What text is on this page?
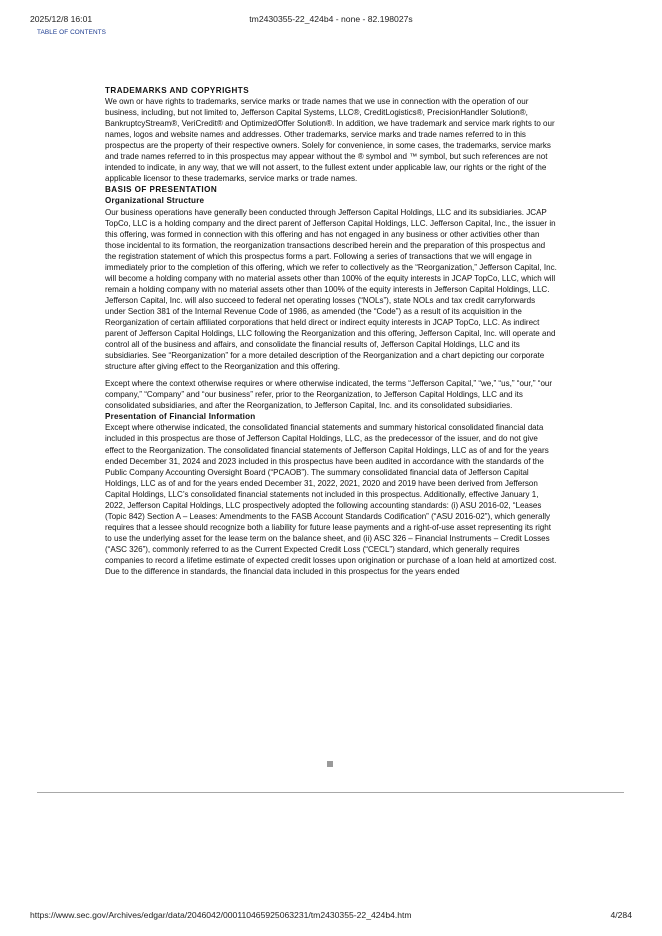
2025/12/8 16:01	tm2430355-22_424b4 - none - 82.198027s
TABLE OF CONTENTS

TRADEMARKS AND COPYRIGHTS

We own or have rights to trademarks, service marks or trade names that we use in connection with the operation of our business, including, but not limited to, Jefferson Capital Systems, LLC®, CreditLogistics®, PrecisionHandler Solution®, BankruptcyStream®, VeriCredit® and OptimizedOffer Solution®. In addition, we have trademark and service mark rights to our names, logos and website names and addresses. Other trademarks, service marks and trade names referred to in this prospectus are the property of their respective owners. Solely for convenience, in some cases, the trademarks, service marks and trade names referred to in this prospectus may appear without the ® symbol and ™ symbol, but such references are not intended to indicate, in any way, that we will not assert, to the fullest extent under applicable law, our rights or the right of the applicable licensor to these trademarks, service marks or trade names.

BASIS OF PRESENTATION

Organizational Structure

Our business operations have generally been conducted through Jefferson Capital Holdings, LLC and its subsidiaries. JCAP TopCo, LLC is a holding company and the direct parent of Jefferson Capital Holdings, LLC. Jefferson Capital, Inc., the issuer in this offering, was formed in connection with this offering and has not engaged in any business or other activities other than those incidental to its formation, the reorganization transactions described herein and the preparation of this prospectus and the registration statement of which this prospectus forms a part. Following a series of transactions that we will engage in immediately prior to the completion of this offering, which we refer to collectively as the “Reorganization,” Jefferson Capital, Inc. will become a holding company with no material assets other than 100% of the equity interests in JCAP TopCo, LLC, which will remain a holding company with no material assets other than 100% of the equity interests in Jefferson Capital Holdings, LLC. Jefferson Capital, Inc. will also succeed to federal net operating losses (“NOLs”), state NOLs and tax credit carryforwards under Section 381 of the Internal Revenue Code of 1986, as amended (the “Code”) as a result of its acquisition in the Reorganization of certain affiliated corporations that held direct or indirect equity interests in JCAP TopCo, LLC. As indirect parent of Jefferson Capital Holdings, LLC following the Reorganization and this offering, Jefferson Capital, Inc. will operate and control all of the business and affairs, and consolidate the financial results of, Jefferson Capital Holdings, LLC and its subsidiaries. See “Reorganization” for a more detailed description of the Reorganization and a chart depicting our corporate structure after giving effect to the Reorganization and this offering.

Except where the context otherwise requires or where otherwise indicated, the terms “Jefferson Capital,” “we,” “us,” “our,” “our company,” “Company” and “our business” refer, prior to the Reorganization, to Jefferson Capital Holdings, LLC and its consolidated subsidiaries, and after the Reorganization, to Jefferson Capital, Inc. and its consolidated subsidiaries.

Presentation of Financial Information

Except where otherwise indicated, the consolidated financial statements and summary historical consolidated financial data included in this prospectus are those of Jefferson Capital Holdings, LLC, as the predecessor of the issuer, and do not give effect to the Reorganization. The consolidated financial statements of Jefferson Capital Holdings, LLC as of and for the years ended December 31, 2024 and 2023 included in this prospectus have been audited in accordance with the standards of the Public Company Accounting Oversight Board (“PCAOB”). The summary consolidated financial data of Jefferson Capital Holdings, LLC as of and for the years ended December 31, 2022, 2021, 2020 and 2019 have been derived from Jefferson Capital Holdings, LLC’s consolidated financial statements not included in this prospectus. Additionally, effective January 1, 2022, Jefferson Capital Holdings, LLC prospectively adopted the following accounting standards: (i) ASU 2016-02, “Leases (Topic 842) Section A – Leases: Amendments to the FASB Account Standards Codification” (“ASU 2016-02”), which generally requires that a lessee should recognize both a liability for future lease payments and a right-of-use asset representing its right to use the underlying asset for the lease term on the balance sheet, and (ii) ASC 326 – Financial Instruments – Credit Losses (“ASC 326”), commonly referred to as the Current Expected Credit Loss (“CECL”) standard, which generally requires companies to record a lifetime estimate of expected credit losses upon origination or purchase of a loan held at amortized cost. Due to the difference in standards, the financial data included in this prospectus for the years ended

https://www.sec.gov/Archives/edgar/data/2046042/000110465925063231/tm2430355-22_424b4.htm	4/284
